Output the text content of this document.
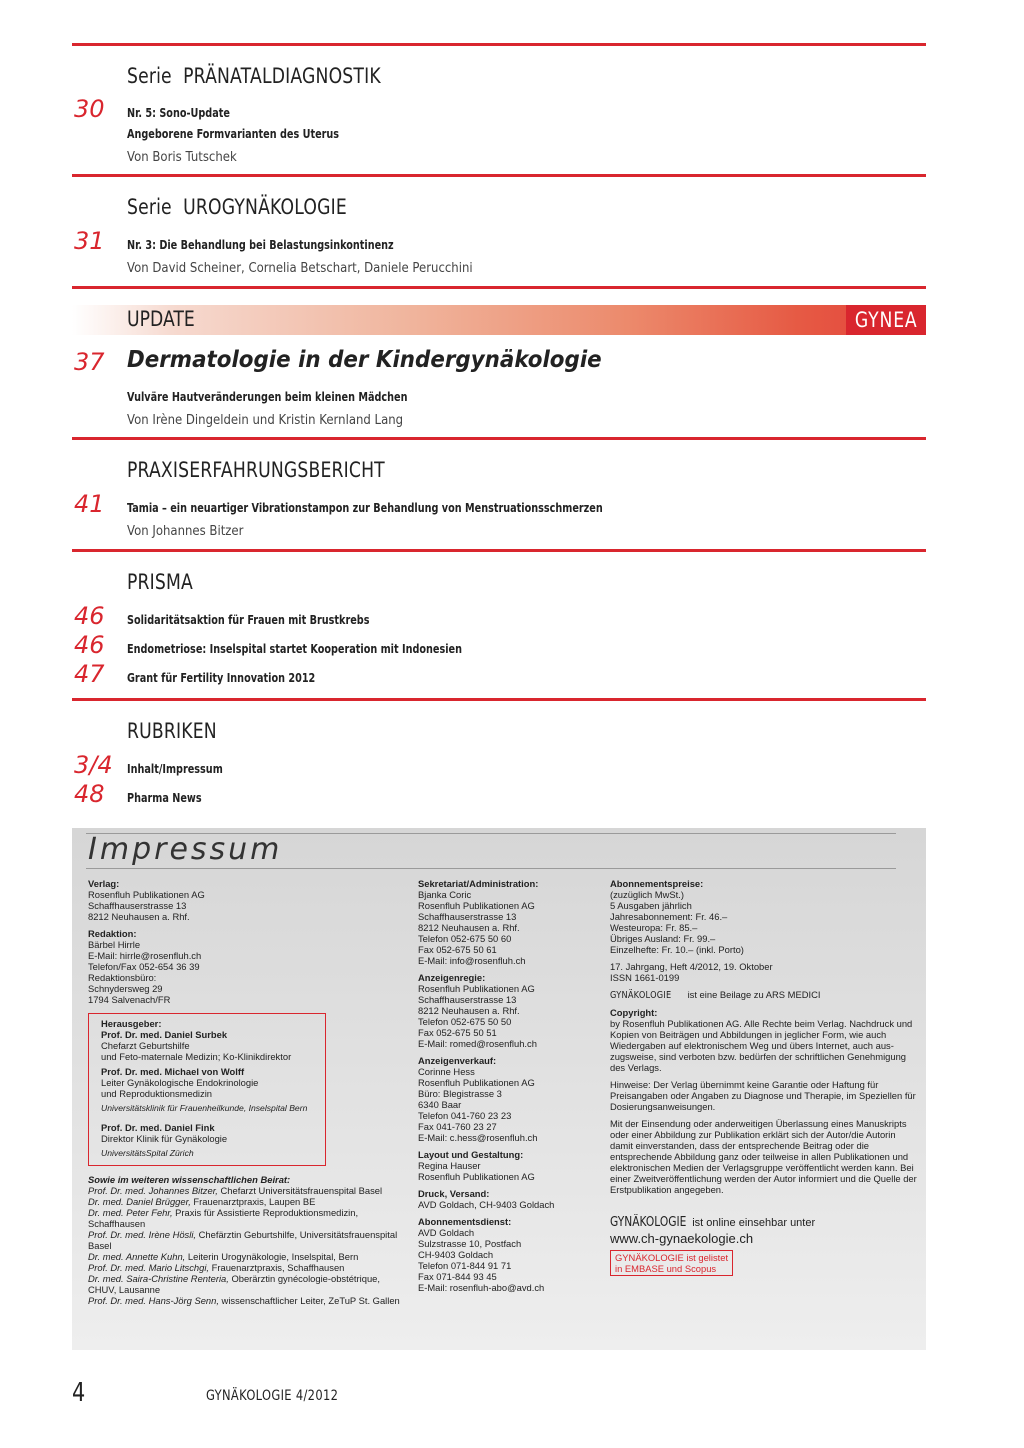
Serie PRÄNATALDIAGNOSTIK
30 Nr. 5: Sono-Update
Angeborene Formvarianten des Uterus
Von Boris Tutschek
Serie UROGYNÄKOLOGIE
31 Nr. 3: Die Behandlung bei Belastungsinkontinenz
Von David Scheiner, Cornelia Betschart, Daniele Perucchini
UPDATE	GYNEA
37 Dermatologie in der Kindergynäkologie
Vulväre Hautveränderungen beim kleinen Mädchen
Von Irène Dingeldein und Kristin Kernland Lang
PRAXISERFAHRUNGSBERICHT
41 Tamia – ein neuartiger Vibrationstampon zur Behandlung von Menstruationsschmerzen
Von Johannes Bitzer
PRISMA
46 Solidaritätsaktion für Frauen mit Brustkrebs
46 Endometriose: Inselspital startet Kooperation mit Indonesien
47 Grant für Fertility Innovation 2012
RUBRIKEN
3/4 Inhalt/Impressum
48 Pharma News
Impressum
Verlag:
Rosenfluh Publikationen AG
Schaffhauserstrasse 13
8212 Neuhausen a. Rhf.
Redaktion:
Bärbel Hirrle
E-Mail: hirrle@rosenfluh.ch
Telefon/Fax 052-654 36 39
Redaktionsbüro:
Schnydersweg 29
1794 Salvenach/FR
Herausgeber:
Prof. Dr. med. Daniel Surbek
Chefarzt Geburtshilfe
und Feto-maternale Medizin; Ko-Klinikdirektor
Prof. Dr. med. Michael von Wolff
Leiter Gynäkologische Endokrinologie
und Reproduktionsmedizin
Universitätsklinik für Frauenheilkunde, Inselspital Bern
Prof. Dr. med. Daniel Fink
Direktor Klinik für Gynäkologie
UniversitätsSpital Zürich
Sowie im weiteren wissenschaftlichen Beirat:
Prof. Dr. med. Johannes Bitzer, Chefarzt Universitätsfrauenspital Basel
Dr. med. Daniel Brügger, Frauenarztpraxis, Laupen BE
Dr. med. Peter Fehr, Praxis für Assistierte Reproduktionsmedizin, Schaffhausen
Prof. Dr. med. Irène Hösli, Chefärztin Geburtshilfe, Universitätsfrauenspital Basel
Dr. med. Annette Kuhn, Leiterin Urogynäkologie, Inselspital, Bern
Prof. Dr. med. Mario Litschgi, Frauenarztpraxis, Schaffhausen
Dr. med. Saira-Christine Renteria, Oberärztin gynécologie-obstétrique, CHUV, Lausanne
Prof. Dr. med. Hans-Jörg Senn, wissenschaftlicher Leiter, ZeTuP St. Gallen
Sekretariat/Administration:
Bjanka Coric
Rosenfluh Publikationen AG
Schaffhauserstrasse 13
8212 Neuhausen a. Rhf.
Telefon 052-675 50 60
Fax 052-675 50 61
E-Mail: info@rosenfluh.ch
Anzeigenregie:
Rosenfluh Publikationen AG
Schaffhauserstrasse 13
8212 Neuhausen a. Rhf.
Telefon 052-675 50 50
Fax 052-675 50 51
E-Mail: romed@rosenfluh.ch
Anzeigenverkauf:
Corinne Hess
Rosenfluh Publikationen AG
Büro: Blegistrasse 3
6340 Baar
Telefon 041-760 23 23
Fax 041-760 23 27
E-Mail: c.hess@rosenfluh.ch
Layout und Gestaltung:
Regina Hauser
Rosenfluh Publikationen AG
Druck, Versand:
AVD Goldach, CH-9403 Goldach
Abonnementsdienst:
AVD Goldach
Sulzstrasse 10, Postfach
CH-9403 Goldach
Telefon 071-844 91 71
Fax 071-844 93 45
E-Mail: rosenfluh-abo@avd.ch
Abonnementspreise:
(zuzüglich MwSt.)
5 Ausgaben jährlich
Jahresabonnement: Fr. 46.–
Westeuropa: Fr. 85.–
Übriges Ausland: Fr. 99.–
Einzelhefte: Fr. 10.– (inkl. Porto)
17. Jahrgang, Heft 4/2012, 19. Oktober
ISSN 1661-0199
GYNÄKOLOGIE ist eine Beilage zu ARS MEDICI
Copyright:
by Rosenfluh Publikationen AG. Alle Rechte beim Verlag. Nachdruck und Kopien von Beiträgen und Abbildungen in jeglicher Form, wie auch Wiedergaben auf elektronischem Weg und übers Internet, auch aus-zugsweise, sind verboten bzw. bedürfen der schriftlichen Genehmigung des Verlags.
Hinweise: Der Verlag übernimmt keine Garantie oder Haftung für Preisangaben oder Angaben zu Diagnose und Therapie, im Speziellen für Dosierungsanweisungen.
Mit der Einsendung oder anderweitigen Überlassung eines Manuskripts oder einer Abbildung zur Publikation erklärt sich der Autor/die Autorin damit einverstanden, dass der entsprechende Beitrag oder die entsprechende Abbildung ganz oder teilweise in allen Publikationen und elektronischen Medien der Verlagsgruppe veröffentlicht werden kann. Bei einer Zweitveröffentlichung werden der Autor informiert und die Quelle der Erstpublikation angegeben.
GYNÄKOLOGIE ist online einsehbar unter
www.ch-gynaekologie.ch
GYNÄKOLOGIE ist gelistet
in EMBASE und Scopus
4	GYNÄKOLOGIE 4/2012
